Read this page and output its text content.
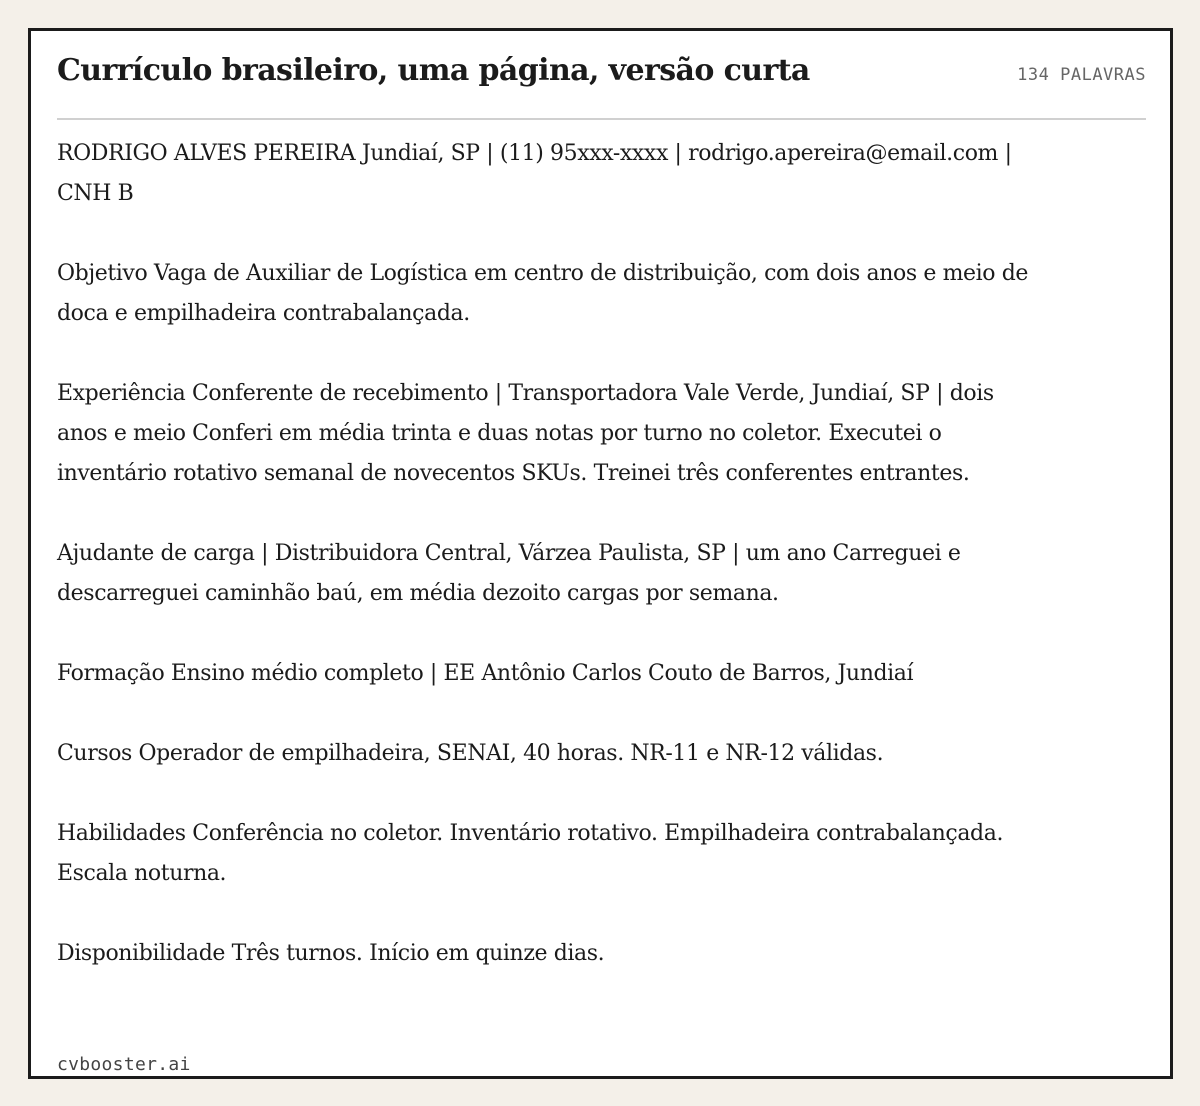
Currículo brasileiro, uma página, versão curta	134 PALAVRAS

RODRIGO ALVES PEREIRA Jundiaí, SP | (11) 95xxx-xxxx | rodrigo.apereira@email.com | CNH B

Objetivo Vaga de Auxiliar de Logística em centro de distribuição, com dois anos e meio de doca e empilhadeira contrabalançada.

Experiência Conferente de recebimento | Transportadora Vale Verde, Jundiaí, SP | dois anos e meio Conferi em média trinta e duas notas por turno no coletor. Executei o inventário rotativo semanal de novecentos SKUs. Treinei três conferentes entrantes.

Ajudante de carga | Distribuidora Central, Várzea Paulista, SP | um ano Carreguei e descarreguei caminhão baú, em média dezoito cargas por semana.

Formação Ensino médio completo | EE Antônio Carlos Couto de Barros, Jundiaí

Cursos Operador de empilhadeira, SENAI, 40 horas. NR-11 e NR-12 válidas.

Habilidades Conferência no coletor. Inventário rotativo. Empilhadeira contrabalançada. Escala noturna.

Disponibilidade Três turnos. Início em quinze dias.

cvbooster.ai
